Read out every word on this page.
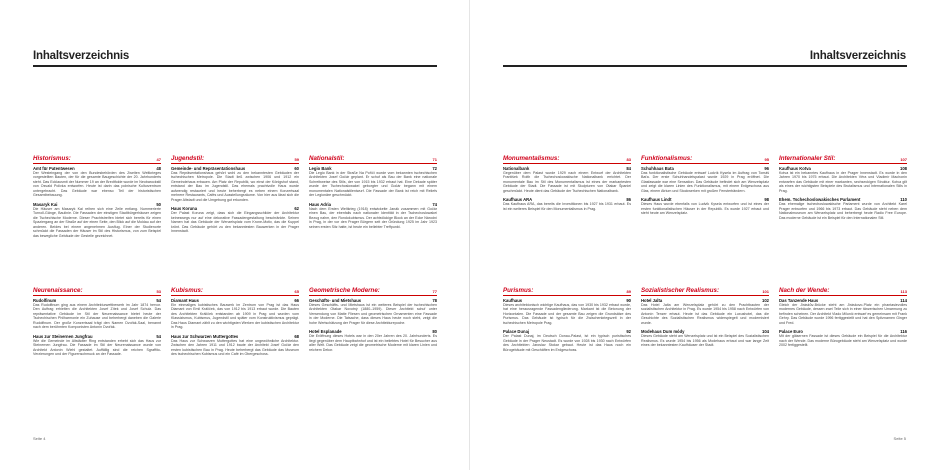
Inhaltsverzeichnis
Historismus:	47
Amt für Patentwesen	48
Der Westeingang der von den Bundesbehörden des Zweiten Weltkrieges vorgestellten Bauten, der für die gesamte Baugeschichte der 20. Jahrhunderts steht. Das Ecklausmit der Nummer 19 an der Bredtfolde wurde im Neobarockstil von Osvald Polivka entworfen. Heute ist darin das polnische Kulturzentrum untergebracht. Das Gebäude war ebenso Teil der historistischen Gesamtbebauung.
Masaryk Kai	50
Die Häuser am Masaryk Kai reihen sich eine Zeile entlang. Nummerierte Turnoll-Gänge, Baulinie. Die Fassaden der einstigen Stadtbürgerhäuser zeigen die Tschechische Moderne. Dieser Prachtstreifen bietet sich bereits für einen Spaziergang an der Straße auf der einen Seite, den Blick auf die Moldau auf der anderen. Beides bei einem angenehmen Ausflug. Einer der Studienorte schmückt die Fassaden der Häuser im Stil des Historismus, von zum Beispiel das bewegliche Gebäude der Gestelle gezeichnet.
Jugendstil:	59
Gemeinde- und Repräsentationshaus	60
Das Repräsentationshaus gehört wohl zu den bekanntesten Gebäuden der tschechischen Metropole. Die Stadt ließ zwischen 1906 und 1912 ein Gemeindehaus erbauen. Am Platz der Republik, wo einst der Königshof stand, entstand der Bau im Jugendstil. Das ehemals prachtvolle Haus wurde aufwendig restauriert und heute beherbergt es neben einem Konzertsaal mehrere Restaurants, Cafés und Ausstellungsräume. Von hier aus lässt sich die Prager Altstadt und die Umgebung gut erkunden.
Haus Koruna	62
Der Palast Koruna zeigt, dass sich die Eingangsschilder der Architektur keineswegs nur auf eine dekorative Fassadengestaltung beschränkte. Seinen Namen hat das Gebäude der Wenzelsplatz vom Krone-Motiv, das die Kuppel krönt. Das Gebäude gehört zu den bekanntesten Bauwerken in der Prager Innenstadt.
Nationalstil:	71
Legio Bank	72
Die Legio Bank in der Straße Na Poříčí wurde vom bekannten tschechischen Architekten Josef Gočár geplant. Er schuf als Bau der Bank eine nationale Schreibweise des Stils, der von 1915 bis 1932 erbaut hat. Eine Dekade später wurde der Tschechoslowakei geborgter und Gočár begann mit einem monumentalen Nationalstilentwurf. Die Fassade der Bank ist reich mit Reliefs der Legionäre geschmückt.
Haus Adria	74
Nach dem Ersten Weltkrieg (1918) entwickelte Janák zusammen mit Gočár einen Bau, der ebenfalls nach nationaler Identität in der Tschechoslowakei Bezug nahm, den Rondokubismus. Der achtstöckige Block an der Ecke Národní in Prag, in der vor den Prager Bürgern seit der Gründung 1925 im Jahr 1923 seinen ersten Sitz hatte, ist heute ein beliebter Treffpunkt.
Neurenaissance:	53
Rudolfinum	54
Das Rudolfinum ging aus einem Architekturwettbewerb im Jahr 1874 hervor. Den Auftrag erhielten die Architekten Josef Zítek und Josef Schulz. Das repräsentative Gebäude im Stil der Neurenaissance bietet heute der Tschechischen Philharmonie ein Zuhause und beherbergt daneben die Galerie Rudolfinum. Der große Konzertsaal trägt den Namen Dvořák-Saal, benannt nach dem berühmten Komponisten Antonín Dvořák.
Haus zur Steinernen Jungfrau	54
Wie die Gemeinde im Altstädter Ring entstanden erhebt sich das Haus zur Steinernen Jungfrau. Die Fassade im Stil der Neurenaissance wurde von Architekt Antonín Wiehl gestaltet. Auffällig sind die reichen Sgraffito-Verzierungen und der Figurenschmuck an der Fassade.
Kubismus:	65
Diamant Haus	66
Ein einmaliges kubistisches Bauwerk im Zentrum von Prag ist das Haus Diamant von Emil Králíček, das von 1912 bis 1913 erbaut wurde. Die Bauten des Architekten Králíček entstanden ab 1909 in Prag und wurden vom Klassizismus, Kubismus, Jugendstil und später vom Konstruktivismus geprägt. Das Haus Diamant zählt zu den wichtigsten Werken der kubistischen Architektur in Prag.
Haus zur Schwarzen Muttergottes	68
Das Haus zur Schwarzen Muttergottes hat eine ungewöhnliche Architektur. Zwischen den Jahren 1911 und 1912 baute der Architekt Josef Gočár den ersten kubistischen Bau in Prag. Heute beherbergt das Gebäude das Museum des tschechischen Kubismus und ein Café im Obergeschoss.
Geometrische Moderne:	77
Geschäfts- und Mietshaus	78
Dieses Geschäfts- und Mietshaus ist ein weiteres Beispiel der tschechischen Architekten Otakar Novotný (1880–1959). Dieser Architekt schuf unter Verwendung von Matte Fliesen und geometrischen Ornamenten eine Fassade in der Moderne. Die Tatsache, dass dieses Haus heute noch steht, zeigt die hohe Wertschätzung der Prager für diese Architekturepoche.
Hotel Esplanade	80
Die Eröffnung dieses Hotels war in den 20er Jahren des 20. Jahrhunderts. Es liegt gegenüber dem Hauptbahnhof und ist ein beliebtes Hotel für Besucher aus aller Welt. Das Gebäude zeigt die geometrische Moderne mit klaren Linien und reichem Dekor.
Seite 4
Inhaltsverzeichnis
Monumentalismus:	83
Nationalbank	84
Gegenüber dem Palast wurde 1929 nach einem Entwurf der Architekten František Roith die Tschechoslowakische Nationalbank errichtet. Der monumentale Bau im Stil des Monumentalismus ist eines der markantesten Gebäude der Stadt. Die Fassade ist mit Skulpturen von Otakar Španiel geschmückt. Heute dient das Gebäude der Tschechischen Nationalbank.
Kaufhaus ARA	86
Das Kaufhaus ARA, das bereits die Investitionen bis 1927 bis 1931 erbaut. Es ist ein weiteres Beispiel für den Monumentalismus in Prag.
Funktionalismus:	95
Schuhhaus Bata	96
Das funktionalistische Gebäude entwarf Ludvík Kysela im Auftrag von Tomáš Baťa. Der erste Schuhhandelspalast wurde 1929 in Prag eröffnet. Die Glasfassade war eine Sensation. Das Gebäude befindet sich am Wenzelsplatz und zeigt die klaren Linien des Funktionalismus, mit einem Erdgeschoss aus Glas, einem Atrium und Stockwerken mit großen Fensterbändern.
Kaufhaus Lindt	98
Dieses Haus wurde ebenfalls von Ludvík Kysela entworfen und ist eines der ersten funktionalistischen Häuser in der Republik. Es wurde 1927 erbaut und steht heute am Wenzelsplatz.
Internationaler Stil:	107
Kaufhaus Kotva	108
Kotva ist ein bekanntes Kaufhaus in der Prager Innenstadt. Es wurde in den Jahren 1970 bis 1975 erbaut. Die Architekten Věra und Vladimír Machonin entwarfen das Gebäude mit einer markanten, sechseckigen Struktur. Kotva gilt als eines der wichtigsten Beispiele des Brutalismus und Internationalen Stils in Prag.
Ehem. Tschechoslowakisches Parlament	110
Das ehemalige tschechoslowakische Parlament wurde von Architekt Karel Prager entworfen und 1966 bis 1973 erbaut. Das Gebäude steht neben dem Nationalmuseum am Wenzelsplatz und beherbergt heute Radio Free Europe. Das moderne Gebäude ist ein Beispiel für den Internationalen Stil.
Purismus:	89
Kaufhaus	90
Dieses architektonisch wichtige Kaufhaus, das von 1930 bis 1932 erbaut wurde, hat eine herausragende Fassadengliederung. Markant ist die Betonung der Horizontalen. Die Fassade und der gesamte Bau zeigen die Grundsätze des Purismus. Das Gebäude ist typisch für die Zwischenkriegszeit in der tschechischen Metropole Prag.
Palace Dunaj	92
Der Palast Dunaj, im Deutsch Donau-Palast, ist ein typisch puristisches Gebäude in der Prager Neustadt. Es wurde von 1928 bis 1930 nach Entwürfen des Architekten Jaroslav Stokar gebaut. Heute ist das Haus noch ein Bürogebäude mit Geschäften im Erdgeschoss.
Sozialistischer Realismus:	101
Hotel Jalta	102
Das Hotel Jalta am Wenzelsplatz gehört zu den Prachtbauten der sozialistischen Architektur in Prag. Es wurde 1954 bis 1958 nach Entwürfen von Antonín Tenzer erbaut. Heute ist das Gebäude ein Luxushotel, das die Geschichte des Sozialistischen Realismus widerspiegelt und modernisiert wurde.
Modehaus Dum módy	104
Dieses Gebäude steht am Wenzelsplatz und ist ein Beispiel des Sozialistischen Realismus. Es wurde 1954 bis 1956 als Modehaus erbaut und war lange Zeit eines der bekanntesten Kaufhäuser der Stadt.
Nach der Wende:	113
Das Tanzende Haus	114
Gleich der Jiráskův-Brücke steht am Jiráskovo-Platz ein phantasievolles modernes Gebäude, dessen zwei Teile sich in einer tänzerischen Umarmung zu befinden scheinen. Der Architekt Vlado Milunić entwarf es gemeinsam mit Frank Gehry. Das Gebäude wurde 1996 fertiggestellt und hat den Spitznamen Ginger und Fred.
Palace Euro	116
Mit der gläsernen Fassade ist dieses Gebäude ein Beispiel für die Architektur nach der Wende. Das moderne Bürogebäude steht am Wenzelsplatz und wurde 2002 fertiggestellt.
Seite 5
